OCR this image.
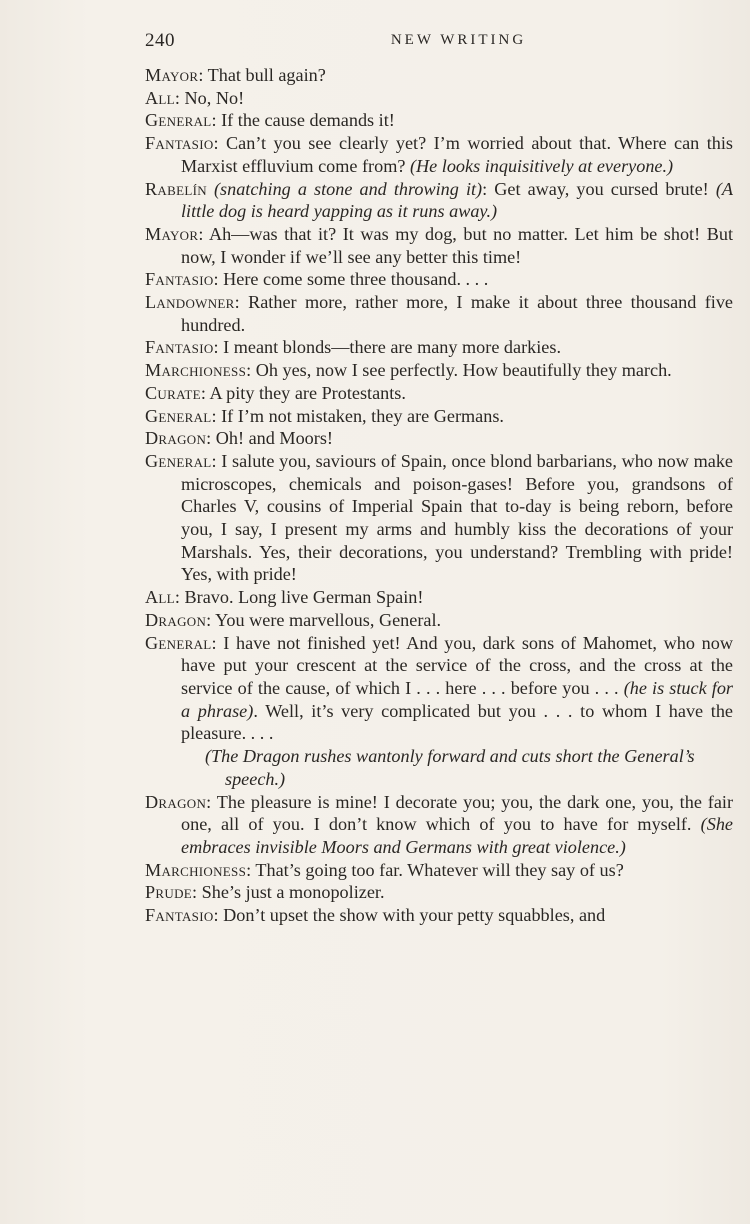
240	NEW WRITING

Mayor: That bull again?

All: No, No!

General: If the cause demands it!

Fantasio: Can’t you see clearly yet? I’m worried about that. Where can this Marxist effluvium come from? (He looks inquisitively at everyone.)

Rabelín (snatching a stone and throwing it): Get away, you cursed brute! (A little dog is heard yapping as it runs away.)

Mayor: Ah—was that it? It was my dog, but no matter. Let him be shot! But now, I wonder if we’ll see any better this time!

Fantasio: Here come some three thousand. . . .

Landowner: Rather more, rather more, I make it about three thousand five hundred.

Fantasio: I meant blonds—there are many more darkies.

Marchioness: Oh yes, now I see perfectly. How beautifully they march.

Curate: A pity they are Protestants.

General: If I’m not mistaken, they are Germans.

Dragon: Oh! and Moors!

General: I salute you, saviours of Spain, once blond barbarians, who now make microscopes, chemicals and poison-gases! Before you, grandsons of Charles V, cousins of Imperial Spain that to-day is being reborn, before you, I say, I present my arms and humbly kiss the decorations of your Marshals. Yes, their decorations, you understand? Trembling with pride! Yes, with pride!

All: Bravo. Long live German Spain!

Dragon: You were marvellous, General.

General: I have not finished yet! And you, dark sons of Mahomet, who now have put your crescent at the service of the cross, and the cross at the service of the cause, of which I . . . here . . . before you . . . (he is stuck for a phrase). Well, it’s very complicated but you . . . to whom I have the pleasure. . . .

(The Dragon rushes wantonly forward and cuts short the General’s speech.)

Dragon: The pleasure is mine! I decorate you; you, the dark one, you, the fair one, all of you. I don’t know which of you to have for myself. (She embraces invisible Moors and Germans with great violence.)

Marchioness: That’s going too far. Whatever will they say of us?

Prude: She’s just a monopolizer.

Fantasio: Don’t upset the show with your petty squabbles, and
